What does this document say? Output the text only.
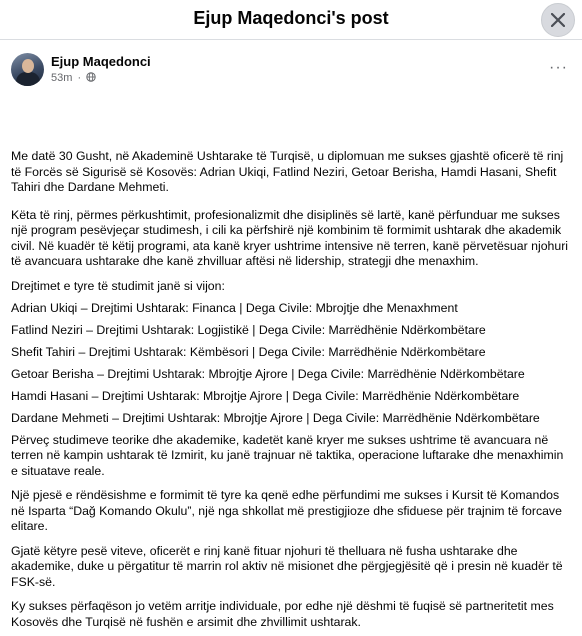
Ejup Maqedonci's post
Ejup Maqedonci
53m ·
···

Me datë 30 Gusht, në Akademinë Ushtarake të Turqisë, u diplomuan me sukses gjashtë oficerë të rinj të Forcës së Sigurisë së Kosovës: Adrian Ukiqi, Fatlind Neziri, Getoar Berisha, Hamdi Hasani, Shefit Tahiri dhe Dardane Mehmeti.

Këta të rinj, përmes përkushtimit, profesionalizmit dhe disiplinës së lartë, kanë përfunduar me sukses një program pesëvjeçar studimesh, i cili ka përfshirë një kombinim të formimit ushtarak dhe akademik civil. Në kuadër të këtij programi, ata kanë kryer ushtrime intensive në terren, kanë përvetësuar njohuri të avancuara ushtarake dhe kanë zhvilluar aftësi në lidership, strategji dhe menaxhim.

Drejtimet e tyre të studimit janë si vijon:

Adrian Ukiqi – Drejtimi Ushtarak: Financa | Dega Civile: Mbrojtje dhe Menaxhment

Fatlind Neziri – Drejtimi Ushtarak: Logjistikë | Dega Civile: Marrëdhënie Ndërkombëtare

Shefit Tahiri – Drejtimi Ushtarak: Këmbësori | Dega Civile: Marrëdhënie Ndërkombëtare

Getoar Berisha – Drejtimi Ushtarak: Mbrojtje Ajrore | Dega Civile: Marrëdhënie Ndërkombëtare

Hamdi Hasani – Drejtimi Ushtarak: Mbrojtje Ajrore | Dega Civile: Marrëdhënie Ndërkombëtare

Dardane Mehmeti – Drejtimi Ushtarak: Mbrojtje Ajrore | Dega Civile: Marrëdhënie Ndërkombëtare

Përveç studimeve teorike dhe akademike, kadetët kanë kryer me sukses ushtrime të avancuara në terren në kampin ushtarak të Izmirit, ku janë trajnuar në taktika, operacione luftarake dhe menaxhimin e situatave reale.

Një pjesë e rëndësishme e formimit të tyre ka qenë edhe përfundimi me sukses i Kursit të Komandos në Isparta “Dağ Komando Okulu”, një nga shkollat më prestigjioze dhe sfiduese për trajnim të forcave elitare.

Gjatë këtyre pesë viteve, oficerët e rinj kanë fituar njohuri të thelluara në fusha ushtarake dhe akademike, duke u përgatitur të marrin rol aktiv në misionet dhe përgjegjësitë që i presin në kuadër të FSK-së.

Ky sukses përfaqëson jo vetëm arritje individuale, por edhe një dëshmi të fuqisë së partneritetit mes Kosovës dhe Turqisë në fushën e arsimit dhe zhvillimit ushtarak.
